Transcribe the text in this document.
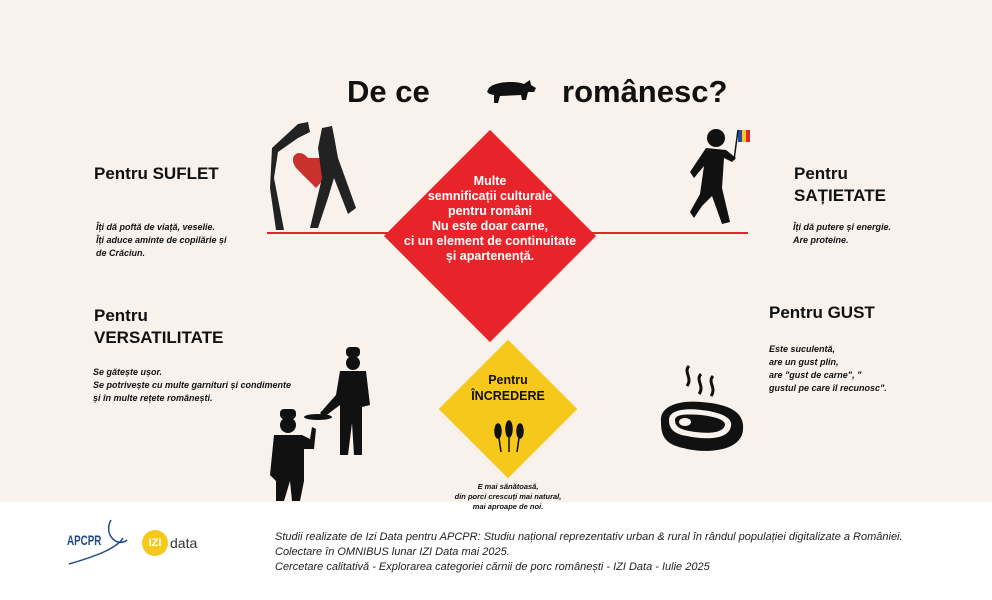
De ce	românesc?
Multe
semnificații culturale
pentru români
Nu este doar carne,
ci un element de continuitate
și apartenență.
Pentru
ÎNCREDERE
E mai sănătoasă,
din porci crescuți mai natural,
mai aproape de noi.
Pentru SUFLET
Îți dă poftă de viață, veselie.
Îți aduce aminte de copilărie și
de Crăciun.
Pentru
SAȚIETATE
Îți dă putere și energie.
Are proteine.
Pentru
VERSATILITATE
Se gătește ușor.
Se potrivește cu multe garnituri și condimente
și în multe rețete românești.
Pentru GUST
Este suculentă,
are un gust plin,
are "gust de carne", "
gustul pe care îl recunosc".
APCPR	IZI data	Studii realizate de Izi Data pentru APCPR: Studiu național reprezentativ urban & rural în rândul populației digitalizate a României.
Colectare în OMNIBUS lunar IZI Data mai 2025.
Cercetare calitativă - Explorarea categoriei cărnii de porc românești - IZI Data - Iulie 2025
